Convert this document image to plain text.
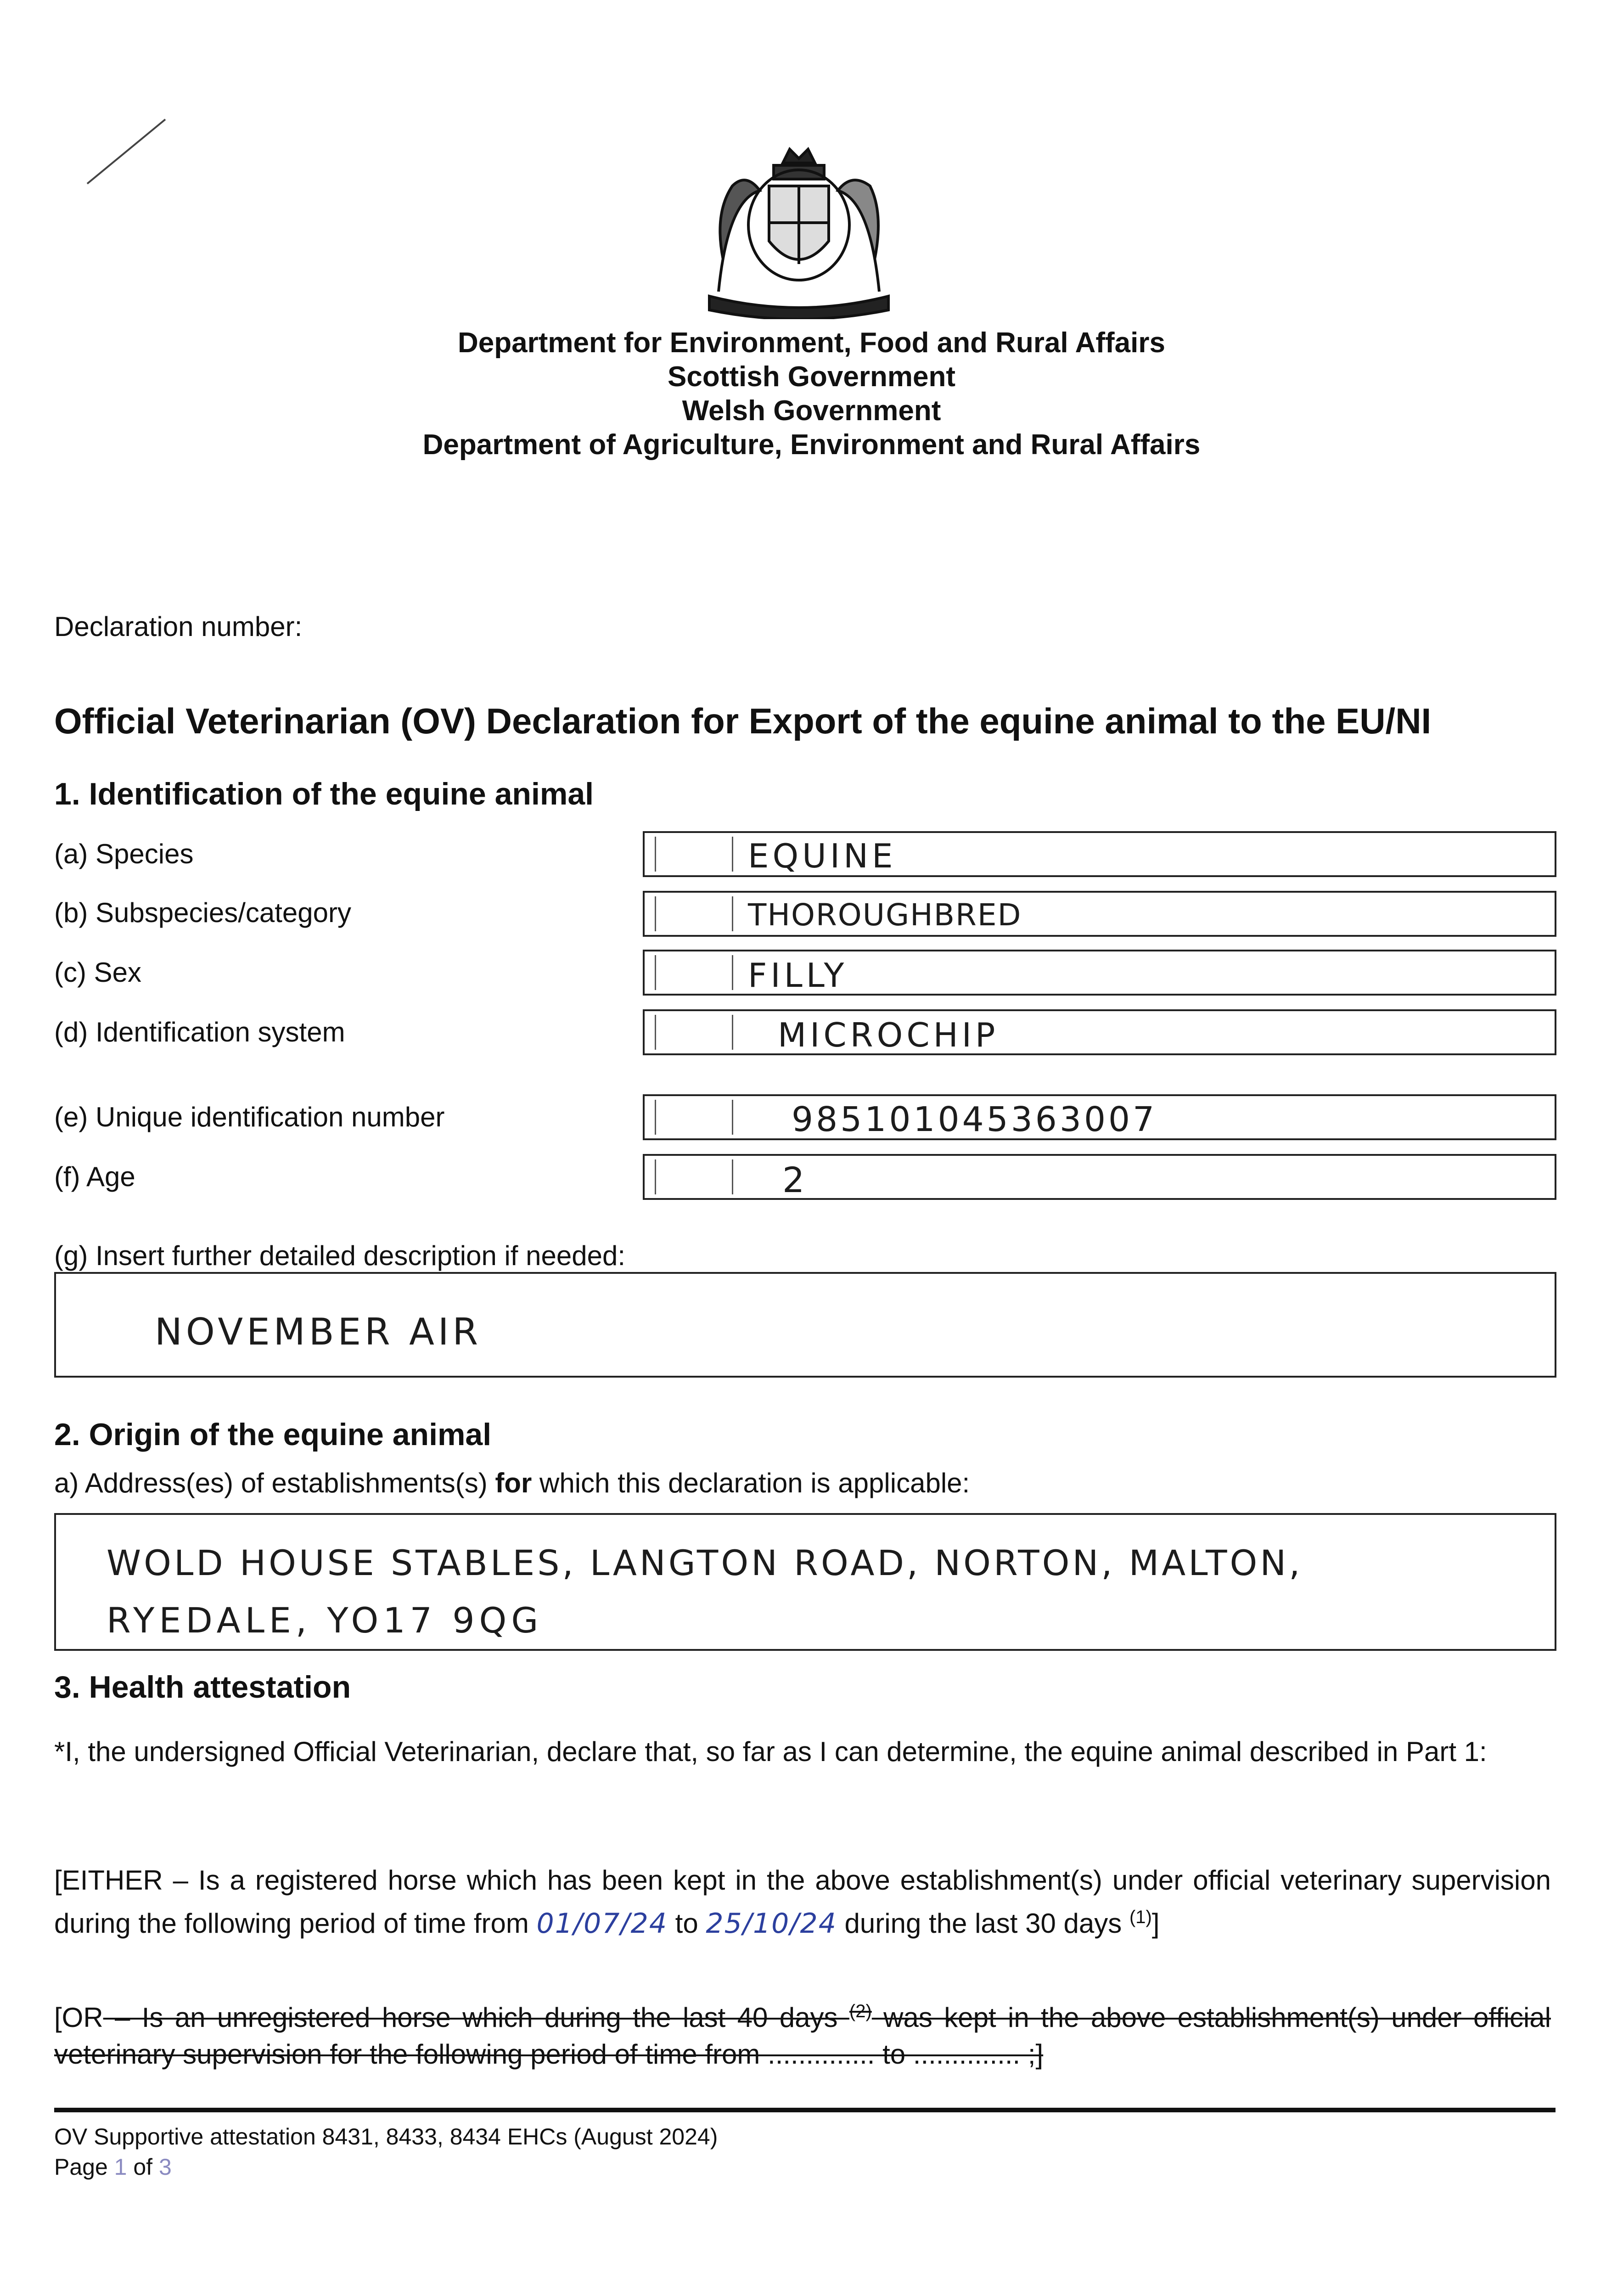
Department for Environment, Food and Rural Affairs
Scottish Government
Welsh Government
Department of Agriculture, Environment and Rural Affairs
Declaration number:
Official Veterinarian (OV) Declaration for Export of the equine animal to the EU/NI
1. Identification of the equine animal
(a) Species	EQUINE
(b) Subspecies/category	THOROUGHBRED
(c) Sex	FILLY
(d) Identification system	MICROCHIP
(e) Unique identification number	985101045363007
(f) Age	2
(g) Insert further detailed description if needed:
NOVEMBER AIR
2. Origin of the equine animal
a) Address(es) of establishments(s) for which this declaration is applicable:
WOLD HOUSE STABLES, LANGTON ROAD, NORTON, MALTON,
RYEDALE, YO17 9QG
3. Health attestation
*I, the undersigned Official Veterinarian, declare that, so far as I can determine, the equine animal described in Part 1:
[EITHER – Is a registered horse which has been kept in the above establishment(s) under official veterinary supervision during the following period of time from 01/07/24 to 25/10/24 during the last 30 days $^{(1)}$]
[OR – Is an unregistered horse which during the last 40 days $^{(2)}$ was kept in the above establishment(s) under official veterinary supervision for the following period of time from .............. to .............. ;]
OV Supportive attestation 8431, 8433, 8434 EHCs (August 2024)
Page 1 of 3
